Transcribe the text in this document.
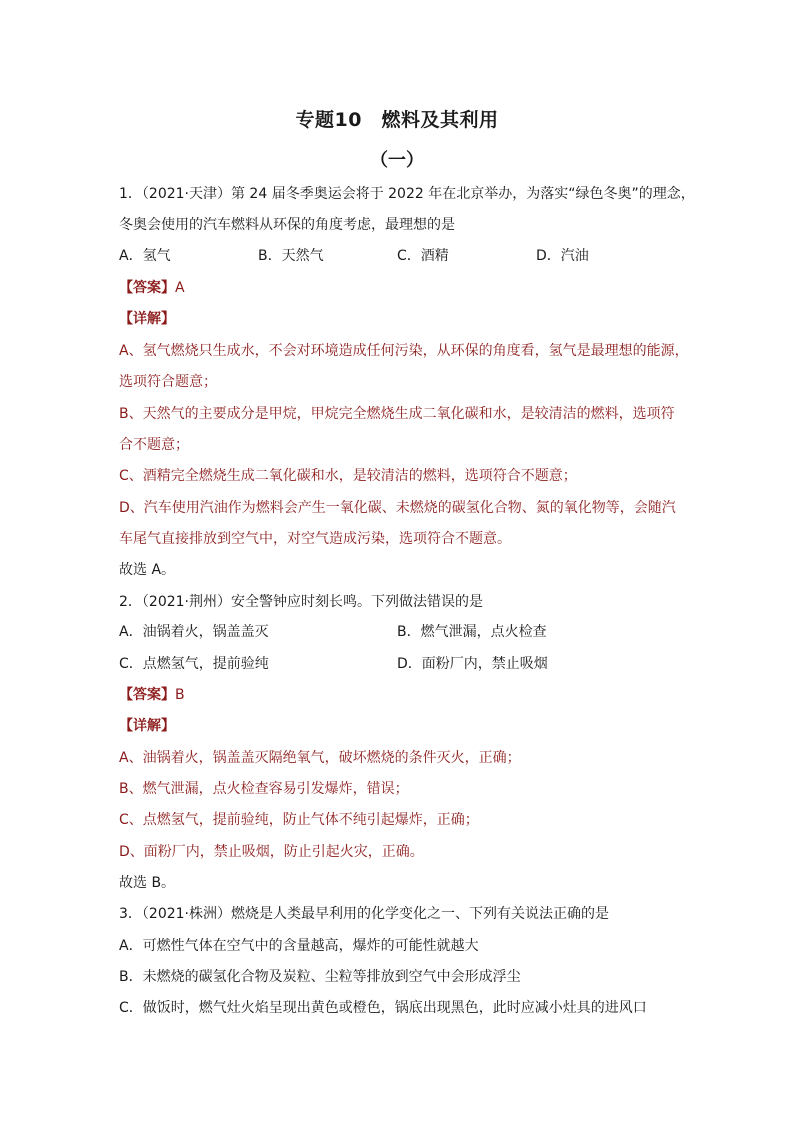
专题10　燃料及其利用
（一）
1．（2021·天津）第 24 届冬季奥运会将于 2022 年在北京举办，为落实“绿色冬奥”的理念，
冬奥会使用的汽车燃料从环保的角度考虑，最理想的是
A．氢气	B．天然气	C．酒精	D．汽油
【答案】A
【详解】
A、氢气燃烧只生成水，不会对环境造成任何污染，从环保的角度看，氢气是最理想的能源，
选项符合题意；
B、天然气的主要成分是甲烷，甲烷完全燃烧生成二氧化碳和水，是较清洁的燃料，选项符
合不题意；
C、酒精完全燃烧生成二氧化碳和水，是较清洁的燃料，选项符合不题意；
D、汽车使用汽油作为燃料会产生一氧化碳、未燃烧的碳氢化合物、氮的氧化物等，会随汽
车尾气直接排放到空气中，对空气造成污染，选项符合不题意。
故选 A。
2．（2021·荆州）安全警钟应时刻长鸣。下列做法错误的是
A．油锅着火，锅盖盖灭	B．燃气泄漏，点火检查
C．点燃氢气，提前验纯	D．面粉厂内，禁止吸烟
【答案】B
【详解】
A、油锅着火，锅盖盖灭隔绝氧气，破坏燃烧的条件灭火，正确；
B、燃气泄漏，点火检查容易引发爆炸，错误；
C、点燃氢气，提前验纯，防止气体不纯引起爆炸，正确；
D、面粉厂内，禁止吸烟，防止引起火灾，正确。
故选 B。
3．（2021·株洲）燃烧是人类最早利用的化学变化之一、下列有关说法正确的是
A．可燃性气体在空气中的含量越高，爆炸的可能性就越大
B．未燃烧的碳氢化合物及炭粒、尘粒等排放到空气中会形成浮尘
C．做饭时，燃气灶火焰呈现出黄色或橙色，锅底出现黑色，此时应减小灶具的进风口
